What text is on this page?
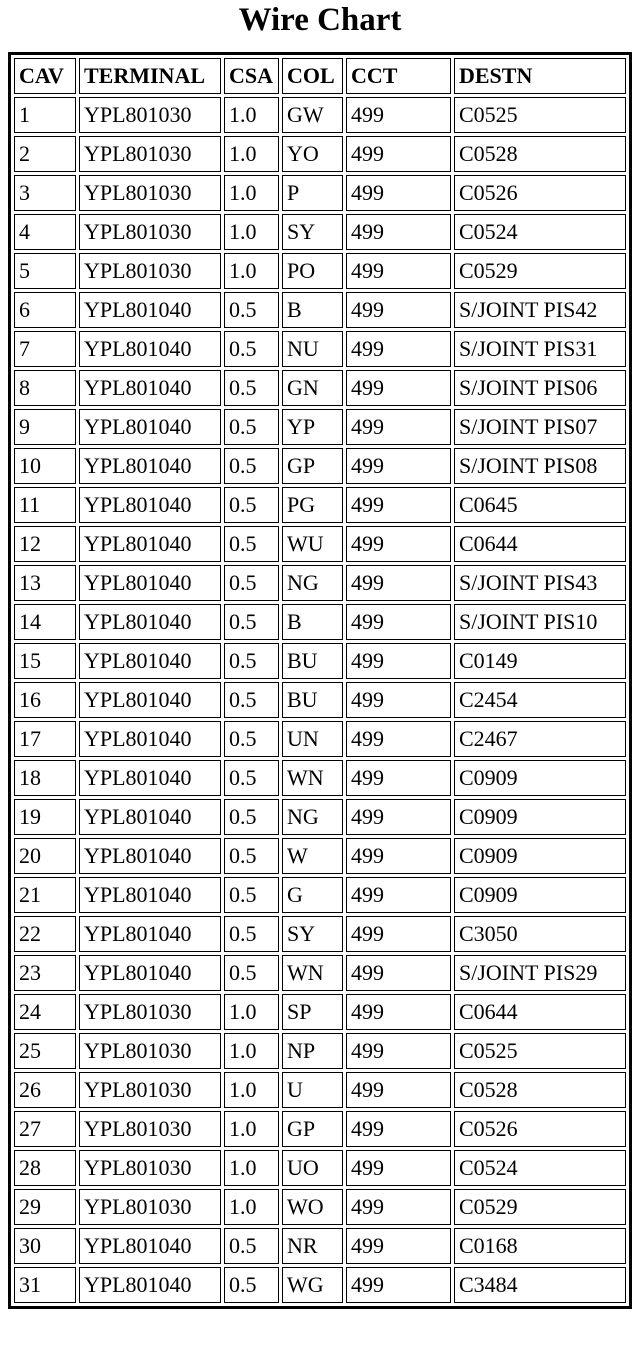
Wire Chart
CAV	TERMINAL	CSA	COL	CCT	DESTN
1	YPL801030	1.0	GW	499	C0525
2	YPL801030	1.0	YO	499	C0528
3	YPL801030	1.0	P	499	C0526
4	YPL801030	1.0	SY	499	C0524
5	YPL801030	1.0	PO	499	C0529
6	YPL801040	0.5	B	499	S/JOINT PIS42
7	YPL801040	0.5	NU	499	S/JOINT PIS31
8	YPL801040	0.5	GN	499	S/JOINT PIS06
9	YPL801040	0.5	YP	499	S/JOINT PIS07
10	YPL801040	0.5	GP	499	S/JOINT PIS08
11	YPL801040	0.5	PG	499	C0645
12	YPL801040	0.5	WU	499	C0644
13	YPL801040	0.5	NG	499	S/JOINT PIS43
14	YPL801040	0.5	B	499	S/JOINT PIS10
15	YPL801040	0.5	BU	499	C0149
16	YPL801040	0.5	BU	499	C2454
17	YPL801040	0.5	UN	499	C2467
18	YPL801040	0.5	WN	499	C0909
19	YPL801040	0.5	NG	499	C0909
20	YPL801040	0.5	W	499	C0909
21	YPL801040	0.5	G	499	C0909
22	YPL801040	0.5	SY	499	C3050
23	YPL801040	0.5	WN	499	S/JOINT PIS29
24	YPL801030	1.0	SP	499	C0644
25	YPL801030	1.0	NP	499	C0525
26	YPL801030	1.0	U	499	C0528
27	YPL801030	1.0	GP	499	C0526
28	YPL801030	1.0	UO	499	C0524
29	YPL801030	1.0	WO	499	C0529
30	YPL801040	0.5	NR	499	C0168
31	YPL801040	0.5	WG	499	C3484
